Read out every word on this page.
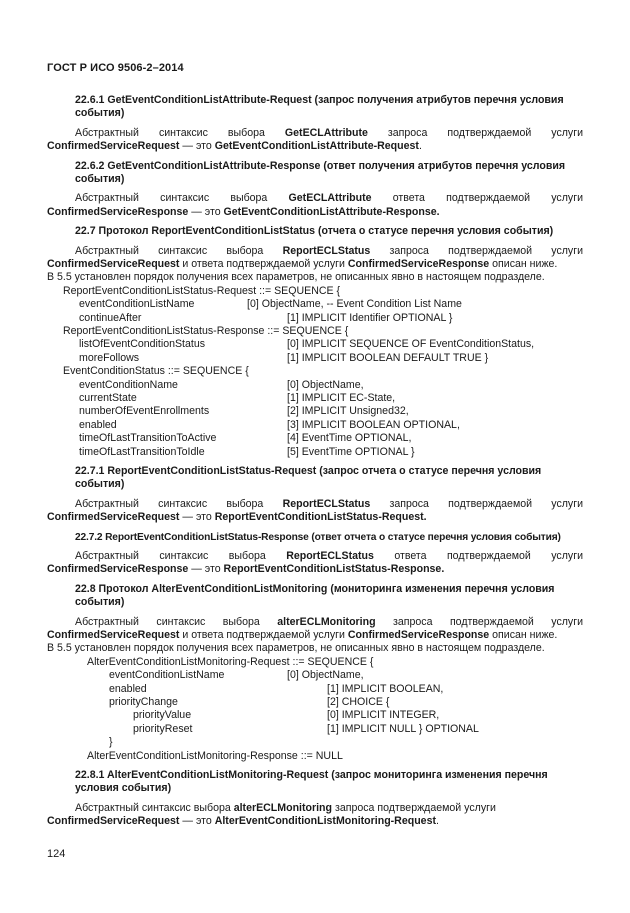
ГОСТ Р ИСО 9506-2–2014

22.6.1 GetEventConditionListAttribute-Request (запрос получения атрибутов перечня условия события)

Абстрактный синтаксис выбора GetECLAttribute запроса подтверждаемой услуги ConfirmedServiceRequest — это GetEventConditionListAttribute-Request.

22.6.2 GetEventConditionListAttribute-Response (ответ получения атрибутов перечня условия события)

Абстрактный синтаксис выбора GetECLAttribute ответа подтверждаемой услуги ConfirmedServiceResponse — это GetEventConditionListAttribute-Response.

22.7 Протокол ReportEventConditionListStatus (отчета о статусе перечня условия события)

Абстрактный синтаксис выбора ReportECLStatus запроса подтверждаемой услуги ConfirmedServiceRequest и ответа подтверждаемой услуги ConfirmedServiceResponse описан ниже.

В 5.5 установлен порядок получения всех параметров, не описанных явно в настоящем подразделе.

ReportEventConditionListStatus-Request ::= SEQUENCE {
eventConditionListName	[0] ObjectName, -- Event Condition List Name
continueAfter	[1] IMPLICIT Identifier OPTIONAL }
ReportEventConditionListStatus-Response ::= SEQUENCE {
listOfEventConditionStatus	[0] IMPLICIT SEQUENCE OF EventConditionStatus,
moreFollows	[1] IMPLICIT BOOLEAN DEFAULT TRUE }
EventConditionStatus ::= SEQUENCE {
eventConditionName	[0] ObjectName,
currentState	[1] IMPLICIT EC-State,
numberOfEventEnrollments	[2] IMPLICIT Unsigned32,
enabled	[3] IMPLICIT BOOLEAN OPTIONAL,
timeOfLastTransitionToActive	[4] EventTime OPTIONAL,
timeOfLastTransitionToIdle	[5] EventTime OPTIONAL }

22.7.1 ReportEventConditionListStatus-Request (запрос отчета о статусе перечня условия события)

Абстрактный синтаксис выбора ReportECLStatus запроса подтверждаемой услуги ConfirmedServiceRequest — это ReportEventConditionListStatus-Request.

22.7.2 ReportEventConditionListStatus-Response (ответ отчета о статусе перечня условия события)

Абстрактный синтаксис выбора ReportECLStatus ответа подтверждаемой услуги ConfirmedServiceResponse — это ReportEventConditionListStatus-Response.

22.8 Протокол AlterEventConditionListMonitoring (мониторинга изменения перечня условия события)

Абстрактный синтаксис выбора alterECLMonitoring запроса подтверждаемой услуги ConfirmedServiceRequest и ответа подтверждаемой услуги ConfirmedServiceResponse описан ниже.

В 5.5 установлен порядок получения всех параметров, не описанных явно в настоящем подразделе.

AlterEventConditionListMonitoring-Request ::= SEQUENCE {
eventConditionListName	[0] ObjectName,
enabled	[1] IMPLICIT BOOLEAN,
priorityChange	[2] CHOICE {
priorityValue	[0] IMPLICIT INTEGER,
priorityReset	[1] IMPLICIT NULL } OPTIONAL
}
AlterEventConditionListMonitoring-Response ::= NULL

22.8.1 AlterEventConditionListMonitoring-Request (запрос мониторинга изменения перечня условия события)

Абстрактный синтаксис выбора alterECLMonitoring запроса подтверждаемой услуги ConfirmedServiceRequest — это AlterEventConditionListMonitoring-Request.

124
